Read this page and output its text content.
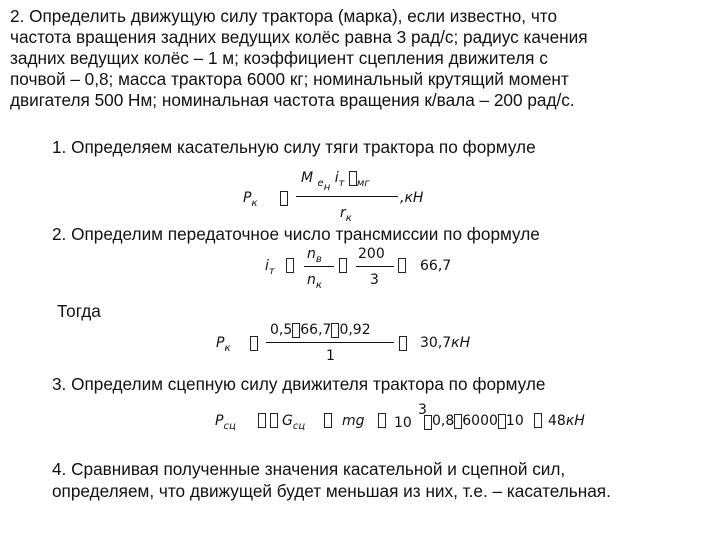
2. Определить движущую силу трактора (марка), если известно, что
частота вращения задних ведущих колёс равна 3 рад/с; радиус качения
задних ведущих колёс – 1 м; коэффициент сцепления движителя с
почвой – 0,8; масса трактора 6000 кг; номинальный крутящий момент
двигателя 500 Нм; номинальная частота вращения к/вала – 200 рад/с.
1. Определяем касательную силу тяги трактора по формуле
$P_к$
M $_{eн}$ $i_т$ $_{мг}$
$r_к$
,кН
2. Определим передаточное число трансмиссии по формуле
$i_т$
$n_в$
$n_к$
200
3
66,7
Тогда
$P_к$
0,5 66,7 0,92
1
30,7кН
3. Определим сцепную силу движителя трактора по формуле
$P_{сц}$	$G_{сц}$	mg 10
3
0,8 6000 10 48кН
4. Сравнивая полученные значения касательной и сцепной сил,
определяем, что движущей будет меньшая из них, т.е. – касательная.
